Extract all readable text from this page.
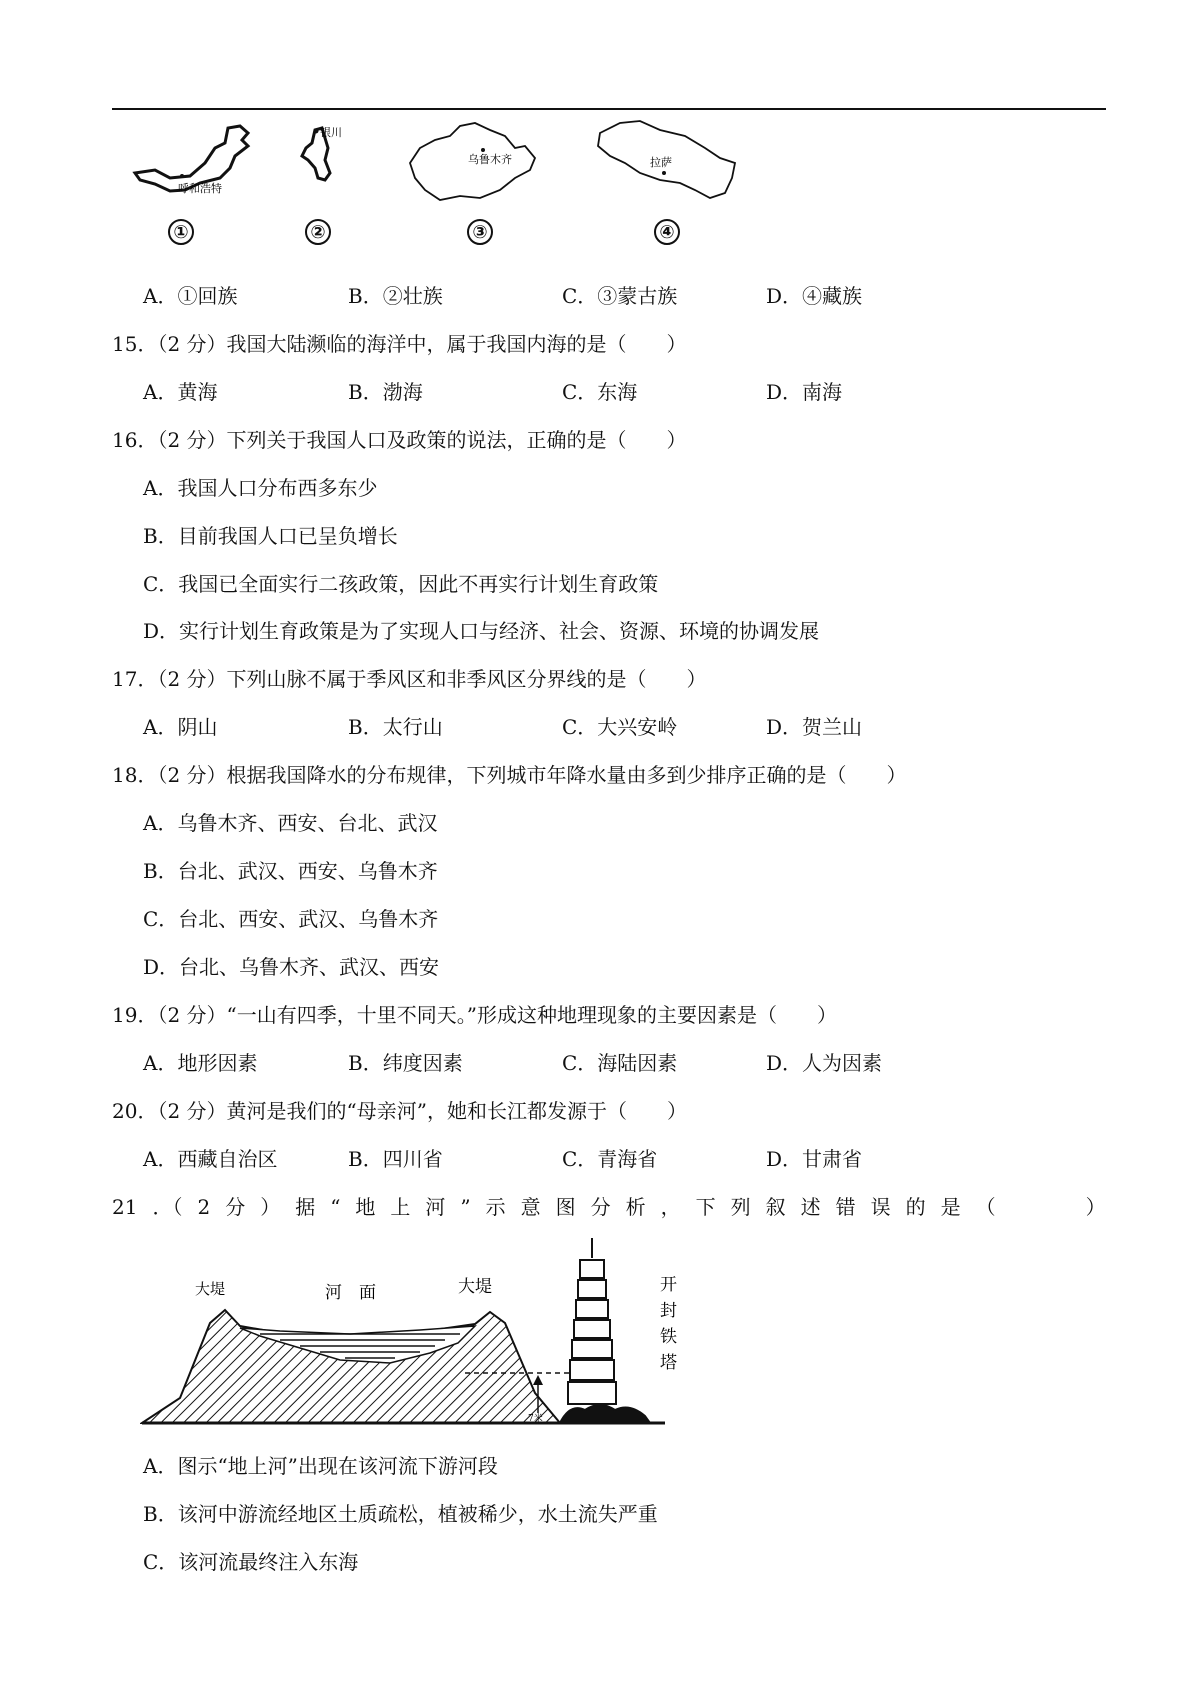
呼和浩特
银川
乌鲁木齐	拉萨
①	②	③	④
A．①回族	B．②壮族	C．③蒙古族	D．④藏族
15．（2 分）我国大陆濒临的海洋中，属于我国内海的是（　　）
A．黄海	B．渤海	C．东海	D．南海
16．（2 分）下列关于我国人口及政策的说法，正确的是（　　）
A．我国人口分布西多东少
B．目前我国人口已呈负增长
C．我国已全面实行二孩政策，因此不再实行计划生育政策
D．实行计划生育政策是为了实现人口与经济、社会、资源、环境的协调发展
17．（2 分）下列山脉不属于季风区和非季风区分界线的是（　　）
A．阴山	B．太行山	C．大兴安岭	D．贺兰山
18．（2 分）根据我国降水的分布规律，下列城市年降水量由多到少排序正确的是（　　）
A．乌鲁木齐、西安、台北、武汉
B．台北、武汉、西安、乌鲁木齐
C．台北、西安、武汉、乌鲁木齐
D．台北、乌鲁木齐、武汉、西安
19．（2 分）“一山有四季，十里不同天。”形成这种地理现象的主要因素是（　　）
A．地形因素	B．纬度因素	C．海陆因素	D．人为因素
20．（2 分）黄河是我们的“母亲河”，她和长江都发源于（　　）
A．西藏自治区	B．四川省	C．青海省	D．甘肃省
21 ．（ 2 分 ） 据 “ 地 上 河 ” 示 意 图 分 析 ， 下 列 叙 述 错 误 的 是 （	）
大堤	河　面	大堤
7米
开
封
铁
塔
A．图示“地上河”出现在该河流下游河段
B．该河中游流经地区土质疏松，植被稀少，水土流失严重
C．该河流最终注入东海
